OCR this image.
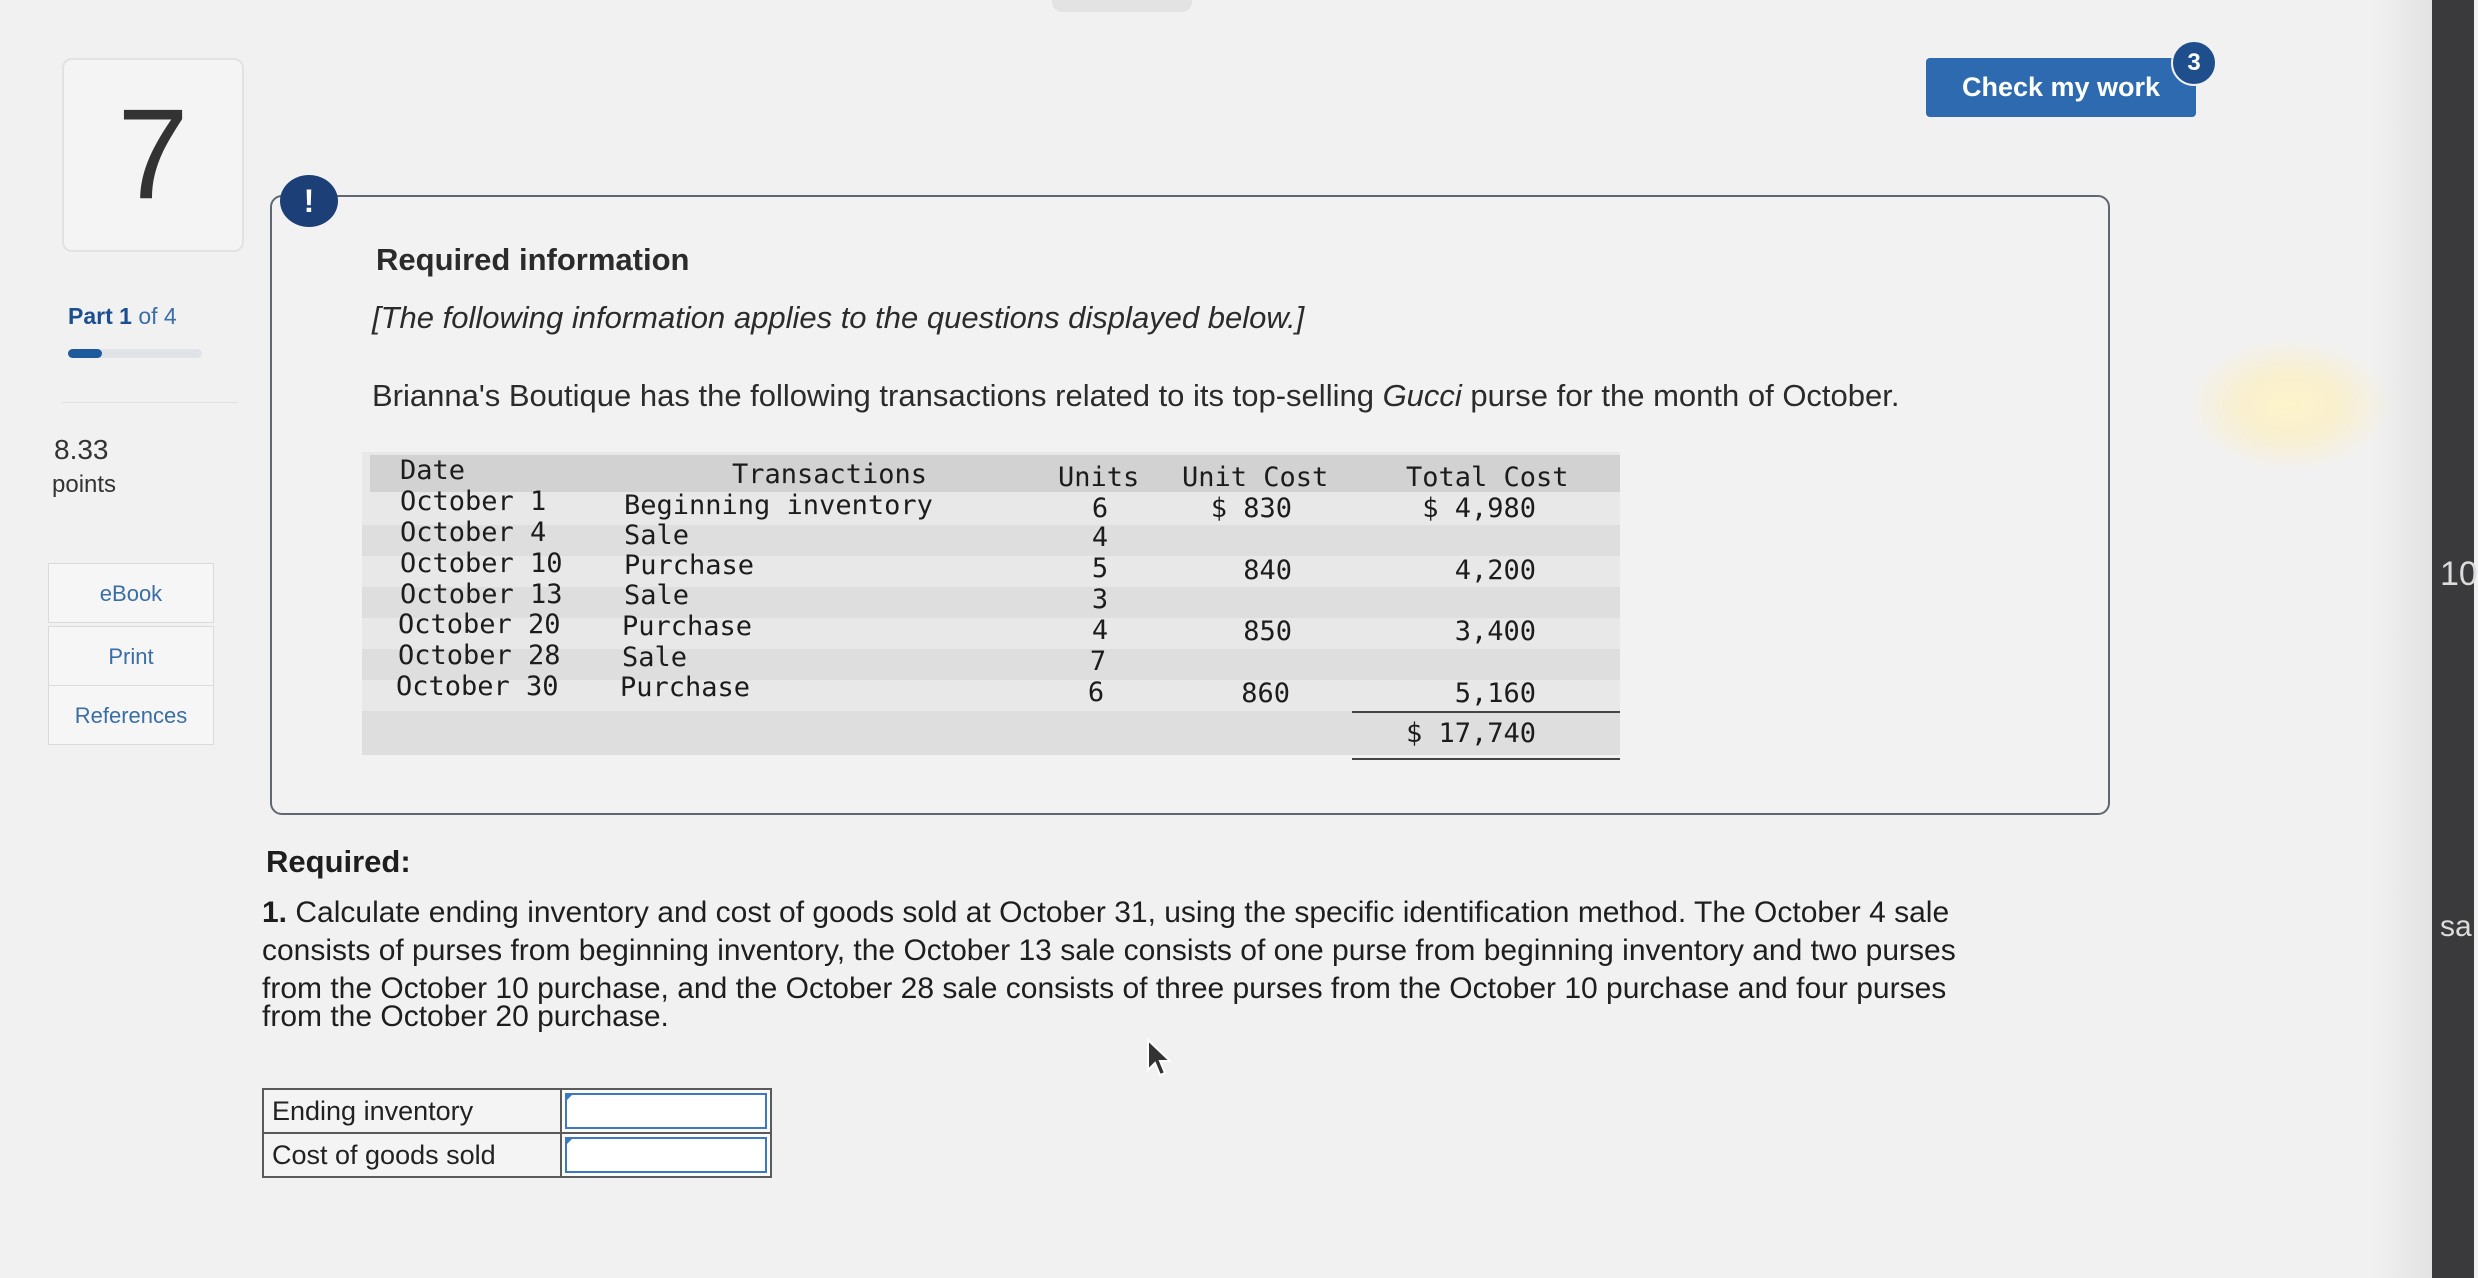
10
sa
7
Part 1 of 4
8.33
points
eBook
Print
References
Check my work
3
!
Required information
[The following information applies to the questions displayed below.]
Brianna's Boutique has the following transactions related to its top-selling Gucci purse for the month of October.
Date	Transactions	Units Unit Cost	Total Cost
October 1	Beginning inventory	6	$ 830	$ 4,980
October 4	Sale	4
October 10 Purchase	5	840	4,200
October 13 Sale	3
October 20 Purchase	4	850	3,400
October 28 Sale	7
October 30 Purchase	6	860	5,160
$ 17,740
Required:
1. Calculate ending inventory and cost of goods sold at October 31, using the specific identification method. The October 4 sale
consists of purses from beginning inventory, the October 13 sale consists of one purse from beginning inventory and two purses
from the October 10 purchase, and the October 28 sale consists of three purses from the October 10 purchase and four purses
from the October 20 purchase.
Ending inventory	

Cost of goods sold	
